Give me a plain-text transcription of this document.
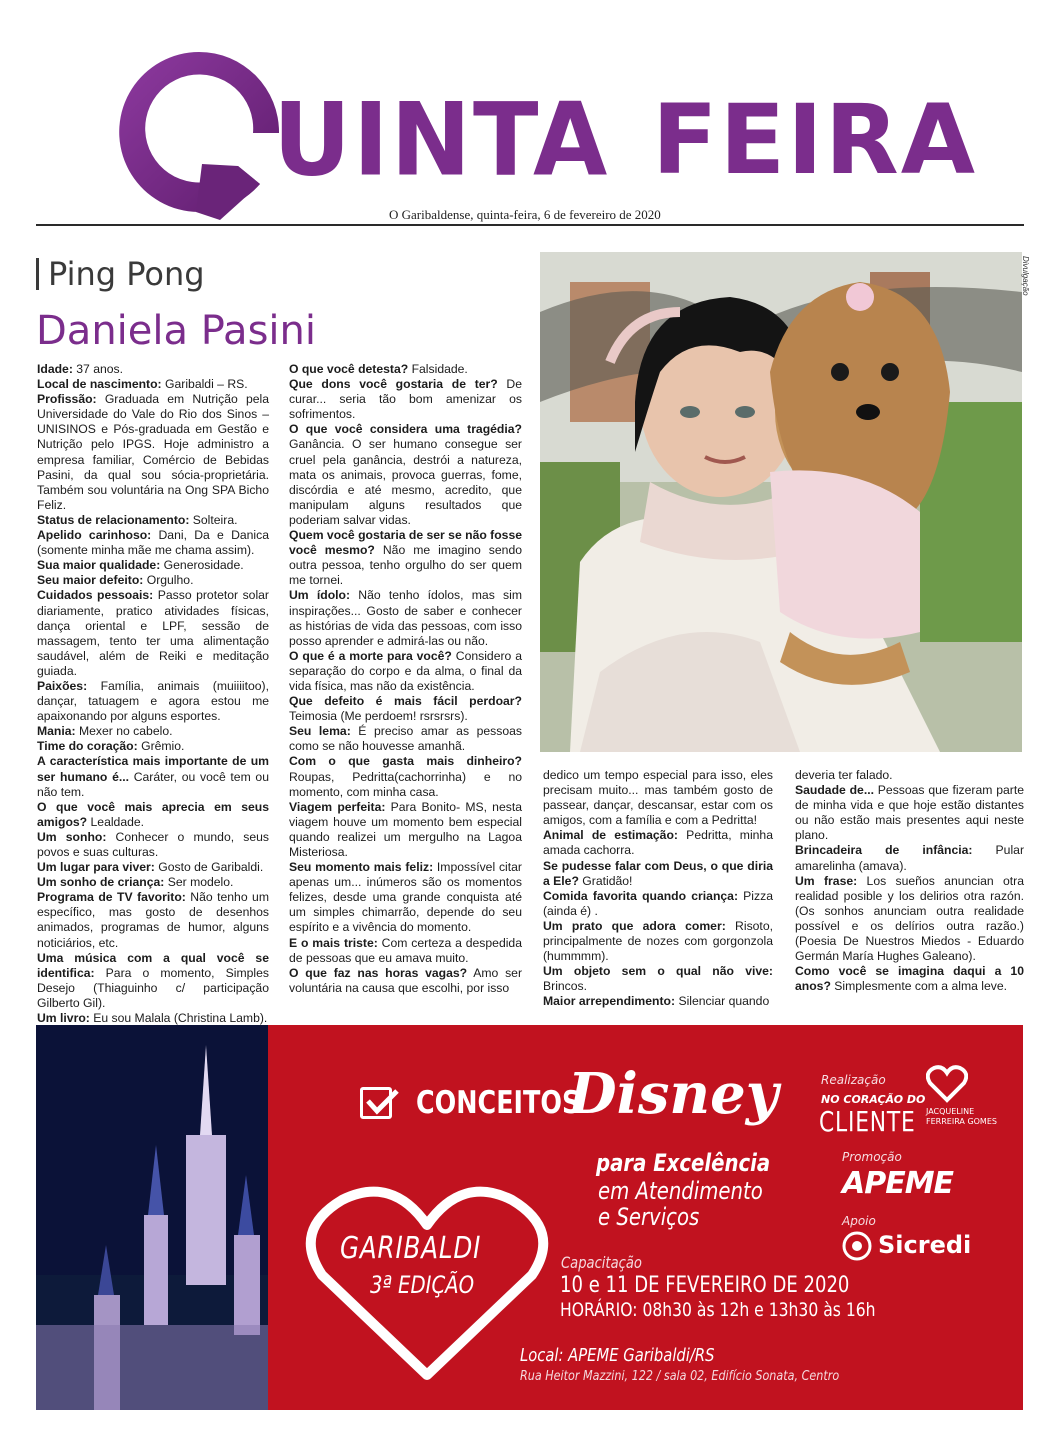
UINTA FEIRA
O Garibaldense, quinta-feira, 6 de fevereiro de 2020
Ping Pong
Daniela Pasini

Idade: 37 anos.

Local de nascimento: Garibaldi – RS.

Profissão: Graduada em Nutrição pela Universidade do Vale do Rio dos Sinos – UNISINOS e Pós-graduada em Gestão e Nutrição pelo IPGS. Hoje administro a empresa familiar, Comércio de Bebidas Pasini, da qual sou sócia-proprietária. Também sou voluntária na Ong SPA Bicho Feliz.

Status de relacionamento: Solteira.

Apelido carinhoso: Dani, Da e Danica (somente minha mãe me chama assim).

Sua maior qualidade: Generosidade.

Seu maior defeito: Orgulho.

Cuidados pessoais: Passo protetor solar diariamente, pratico atividades físicas, dança oriental e LPF, sessão de massagem, tento ter uma alimentação saudável, além de Reiki e meditação guiada.

Paixões: Família, animais (muiiiitoo), dançar, tatuagem e agora estou me apaixonando por alguns esportes.

Mania: Mexer no cabelo.

Time do coração: Grêmio.

A característica mais importante de um ser humano é... Caráter, ou você tem ou não tem.

O que você mais aprecia em seus amigos? Lealdade.

Um sonho: Conhecer o mundo, seus povos e suas culturas.

Um lugar para viver: Gosto de Garibaldi.

Um sonho de criança: Ser modelo.

Programa de TV favorito: Não tenho um específico, mas gosto de desenhos animados, programas de humor, alguns noticiários, etc.

Uma música com a qual você se identifica: Para o momento, Simples Desejo (Thiaguinho c/ participação Gilberto Gil).

Um livro: Eu sou Malala (Christina Lamb).

O que você detesta? Falsidade.

Que dons você gostaria de ter? De curar... seria tão bom amenizar os sofrimentos.

O que você considera uma tragédia? Ganância. O ser humano consegue ser cruel pela ganância, destrói a natureza, mata os animais, provoca guerras, fome, discórdia e até mesmo, acredito, que manipulam alguns resultados que poderiam salvar vidas.

Quem você gostaria de ser se não fosse você mesmo? Não me imagino sendo outra pessoa, tenho orgulho do ser quem me tornei.

Um ídolo: Não tenho ídolos, mas sim inspirações... Gosto de saber e conhecer as histórias de vida das pessoas, com isso posso aprender e admirá-las ou não.

O que é a morte para você? Considero a separação do corpo e da alma, o final da vida física, mas não da existência.

Que defeito é mais fácil perdoar? Teimosia (Me perdoem! rsrsrsrs).

Seu lema: É preciso amar as pessoas como se não houvesse amanhã.

Com o que gasta mais dinheiro? Roupas, Pedritta(cachorrinha) e no momento, com minha casa.

Viagem perfeita: Para Bonito- MS, nesta viagem houve um momento bem especial quando realizei um mergulho na Lagoa Misteriosa.

Seu momento mais feliz: Impossível citar apenas um... inúmeros são os momentos felizes, desde uma grande conquista até um simples chimarrão, depende do seu espírito e a vivência do momento.

E o mais triste: Com certeza a despedida de pessoas que eu amava muito.

O que faz nas horas vagas? Amo ser voluntária na causa que escolhi, por isso

dedico um tempo especial para isso, eles precisam muito... mas também gosto de passear, dançar, descansar, estar com os amigos, com a família e com a Pedritta!

Animal de estimação: Pedritta, minha amada cachorra.

Se pudesse falar com Deus, o que diria a Ele? Gratidão!

Comida favorita quando criança: Pizza (ainda é) .

Um prato que adora comer: Risoto, principalmente de nozes com gorgonzola (hummmm).

Um objeto sem o qual não vive: Brincos.

Maior arrependimento: Silenciar quando

deveria ter falado.

Saudade de... Pessoas que fizeram parte de minha vida e que hoje estão distantes ou não estão mais presentes aqui neste plano.

Brincadeira de infância: Pular amarelinha (amava).

Um frase: Los sueños anuncian otra realidad posible y los delirios otra razón. (Os sonhos anunciam outra realidade possível e os delírios outra razão.) (Poesia De Nuestros Miedos - Eduardo Germán María Hughes Galeano).

Como você se imagina daqui a 10 anos? Simplesmente com a alma leve.

Divulgação
CONCEITOS
Disney
para Excelência
em Atendimento
e Serviços
GARIBALDI
3ª EDIÇÃO
Capacitação
10 e 11 DE FEVEREIRO DE 2020
HORÁRIO: 08h30 às 12h e 13h30 às 16h
Local: APEME Garibaldi/RS
Rua Heitor Mazzini, 122 / sala 02, Edifício Sonata, Centro
Realização
NO CORAÇÃO DO
CLIENTE JACQUELINE
FERREIRA GOMES
Promoção
APEME
Apoio
Sicredi
